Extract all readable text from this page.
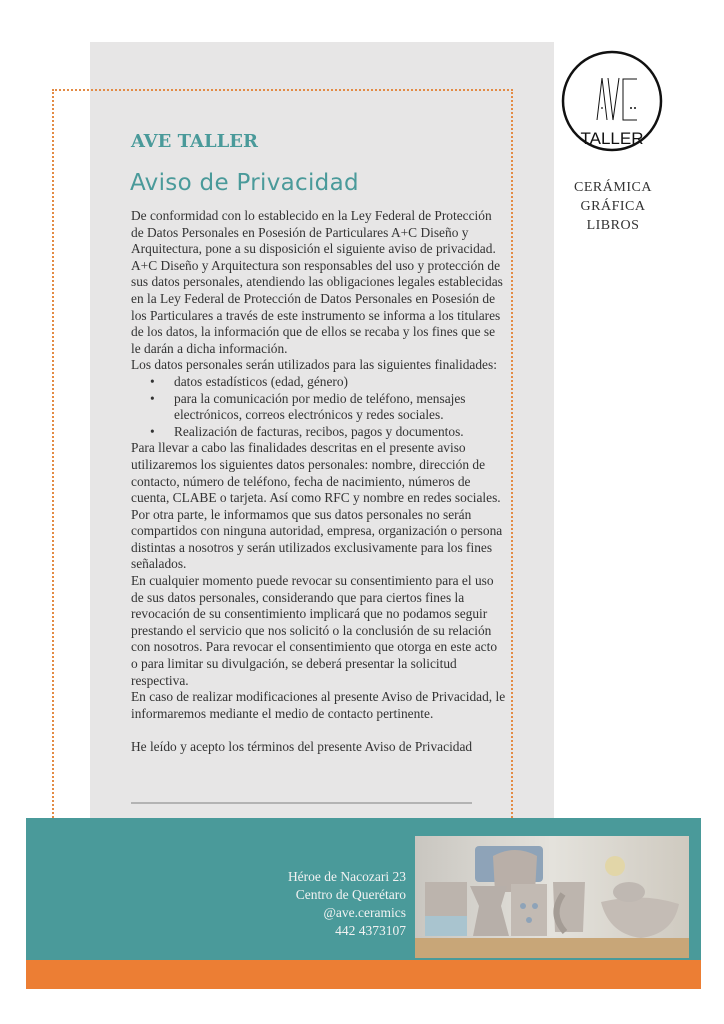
AVE TALLER
Aviso de Privacidad

De conformidad con lo establecido en la Ley Federal de Protección de Datos Personales en Posesión de Particulares A+C Diseño y Arquitectura, pone a su disposición el siguiente aviso de privacidad.

A+C Diseño y Arquitectura son responsables del uso y protección de sus datos personales, atendiendo las obligaciones legales establecidas en la Ley Federal de Protección de Datos Personales en Posesión de los Particulares a través de este instrumento se informa a los titulares de los datos, la información que de ellos se recaba y los fines que se le darán a dicha información.

Los datos personales serán utilizados para las siguientes finalidades:

• datos estadísticos (edad, género)
• para la comunicación por medio de teléfono, mensajes electrónicos, correos electrónicos y redes sociales.
• Realización de facturas, recibos, pagos y documentos.

Para llevar a cabo las finalidades descritas en el presente aviso utilizaremos los siguientes datos personales: nombre, dirección de contacto, número de teléfono, fecha de nacimiento, números de cuenta, CLABE o tarjeta. Así como RFC y nombre en redes sociales.

Por otra parte, le informamos que sus datos personales no serán compartidos con ninguna autoridad, empresa, organización o persona distintas a nosotros y serán utilizados exclusivamente para los fines señalados.

En cualquier momento puede revocar su consentimiento para el uso de sus datos personales, considerando que para ciertos fines la revocación de su consentimiento implicará que no podamos seguir prestando el servicio que nos solicitó o la conclusión de su relación con nosotros. Para revocar el consentimiento que otorga en este acto o para limitar su divulgación, se deberá presentar la solicitud respectiva.

En caso de realizar modificaciones al presente Aviso de Privacidad, le informaremos mediante el medio de contacto pertinente.

He leído y acepto los términos del presente Aviso de Privacidad

TALLER
CERÁMICA
GRÁFICA
LIBROS
Héroe de Nacozari 23
Centro de Querétaro
@ave.ceramics
442 4373107
